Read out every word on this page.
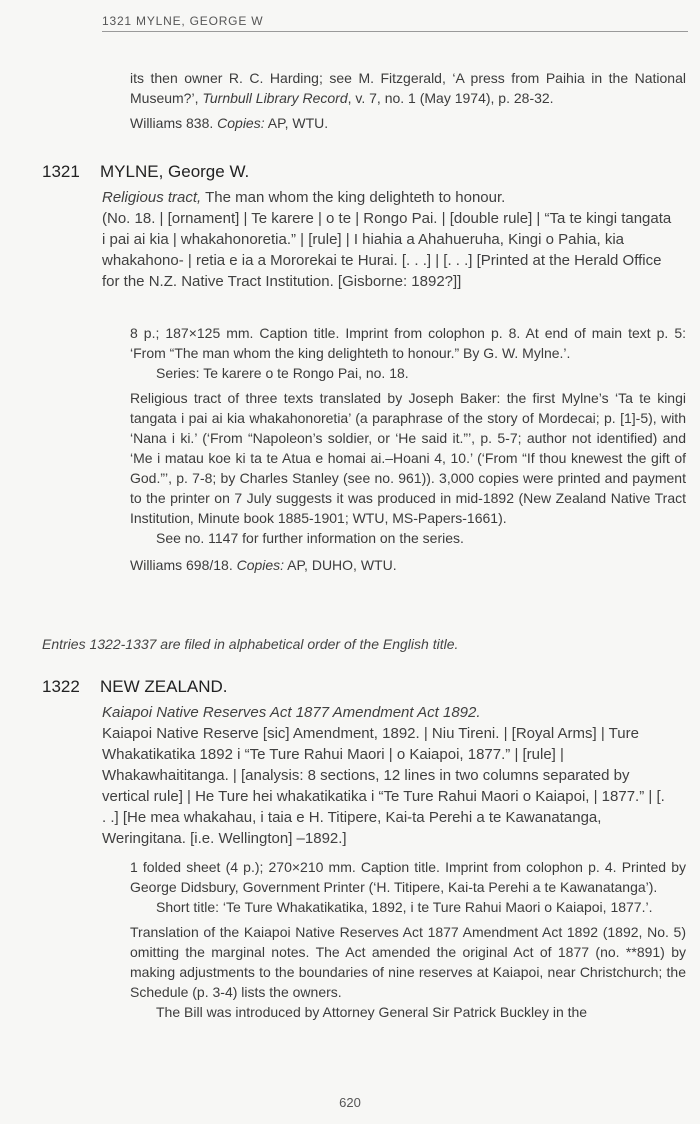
1321 MYLNE, GEORGE W

its then owner R. C. Harding; see M. Fitzgerald, ‘A press from Paihia in the National Museum?’, Turnbull Library Record, v. 7, no. 1 (May 1974), p. 28-32.

Williams 838. Copies: AP, WTU.

1321 MYLNE, George W.

Religious tract, The man whom the king delighteth to honour.

(No. 18. | [ornament] | Te karere | o te | Rongo Pai. | [double rule] | “Ta te kingi tangata i pai ai kia | whakahonoretia.” | [rule] | I hiahia a Ahahueruha, Kingi o Pahia, kia whakahono- | retia e ia a Mororekai te Hurai. [. . .] | [. . .] [Printed at the Herald Office for the N.Z. Native Tract Institution. [Gisborne: 1892?]]

8 p.; 187×125 mm. Caption title. Imprint from colophon p. 8. At end of main text p. 5: ‘From “The man whom the king delighteth to honour.” By G. W. Mylne.’.

Series: Te karere o te Rongo Pai, no. 18.

Religious tract of three texts translated by Joseph Baker: the first Mylne’s ‘Ta te kingi tangata i pai ai kia whakahonoretia’ (a paraphrase of the story of Mordecai; p. [1]-5), with ‘Nana i ki.’ (‘From “Napoleon’s soldier, or ‘He said it.”’, p. 5-7; author not identified) and ‘Me i matau koe ki ta te Atua e homai ai.–Hoani 4, 10.’ (‘From “If thou knewest the gift of God.”’, p. 7-8; by Charles Stanley (see no. 961)). 3,000 copies were printed and payment to the printer on 7 July suggests it was produced in mid-1892 (New Zealand Native Tract Institution, Minute book 1885-1901; WTU, MS-Papers-1661).

See no. 1147 for further information on the series.

Williams 698/18. Copies: AP, DUHO, WTU.

Entries 1322-1337 are filed in alphabetical order of the English title.
1322 NEW ZEALAND.

Kaiapoi Native Reserves Act 1877 Amendment Act 1892.

Kaiapoi Native Reserve [sic] Amendment, 1892. | Niu Tireni. | [Royal Arms] | Ture Whakatikatika 1892 i “Te Ture Rahui Maori | o Kaiapoi, 1877.” | [rule] | Whakawhaititanga. | [analysis: 8 sections, 12 lines in two columns separated by vertical rule] | He Ture hei whakatikatika i “Te Ture Rahui Maori o Kaiapoi, | 1877.” | [. . .] [He mea whakahau, i taia e H. Titipere, Kai-ta Perehi a te Kawanatanga, Weringitana. [i.e. Wellington] –1892.]

1 folded sheet (4 p.); 270×210 mm. Caption title. Imprint from colophon p. 4. Printed by George Didsbury, Government Printer (‘H. Titipere, Kai-ta Perehi a te Kawanatanga’).

Short title: ‘Te Ture Whakatikatika, 1892, i te Ture Rahui Maori o Kaiapoi, 1877.’.

Translation of the Kaiapoi Native Reserves Act 1877 Amendment Act 1892 (1892, No. 5) omitting the marginal notes. The Act amended the original Act of 1877 (no. **891) by making adjustments to the boundaries of nine reserves at Kaiapoi, near Christchurch; the Schedule (p. 3-4) lists the owners.

The Bill was introduced by Attorney General Sir Patrick Buckley in the

620
